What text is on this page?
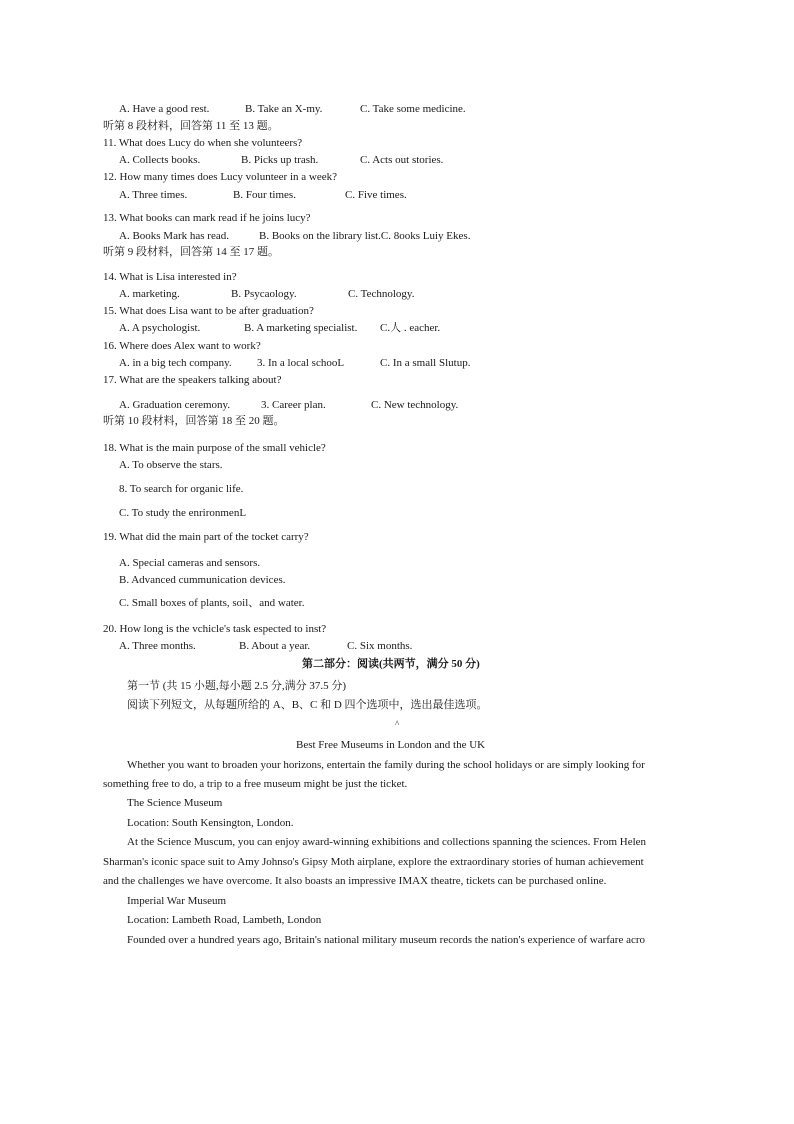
A. Have a good rest.	B. Take an X-my.	C. Take some medicine.
听第 8 段材料，回答第 11 至 13 题。
11. What does Lucy do when she volunteers?
A. Collects books.	B. Picks up trash.	C. Acts out stories.
12. How many times does Lucy volunteer in a week?
A. Three times.	B. Four times.	C. Five times.
13. What books can mark read if he joins lucy?
A. Books Mark has read.	B. Books on the library list.C. 8ooks Luiy Ekes.
听第 9 段材料，回答第 14 至 17 题。
14. What is Lisa interested in?
A. marketing.	B. Psycaology.	C. Technology.
15. What does Lisa want to be after graduation?
A. A psychologist.	B. A marketing specialist. C.人 . eacher.
16. Where does Alex want to work?
A. in a big tech company. 3. In a local schooL	C. In a small Slutup.
17. What are the speakers talking about?
A. Graduation ceremony.	3. Career plan.	C. New technology.
听第 10 段材料，回答第 18 至 20 题。
18. What is the main purpose of the small vehicle?
A. To observe the stars.
8. To search for organic life.
C. To study the enrironmenL
19. What did the main part of the tocket carry?
A. Special cameras and sensors.
B. Advanced cummunication devices.
C. Small boxes of plants, soil、and water.
20. How long is the vchicle's task espected to inst?
A. Three months.	B. About a year.	C. Six months.
第二部分：阅读(共两节，满分 50 分)
第一节 (共 15 小题,每小题 2.5 分,满分 37.5 分)
阅读下列短文，从每题所给的 A、B、C 和 D 四个选项中，选出最佳选项。
^
Best Free Museums in London and the UK
Whether you want to broaden your horizons, entertain the family during the school holidays or are simply looking for
something free to do, a trip to a free museum might be just the ticket.
The Science Museum
Location: South Kensington, London.
At the Science Muscum, you can enjoy award-winning exhibitions and collections spanning the sciences. From Helen
Sharman's iconic space suit to Amy Johnso's Gipsy Moth airplane, explore the extraordinary stories of human achievement
and the challenges we have overcome. It also boasts an impressive IMAX theatre, tickets can be purchased online.
Imperial War Museum
Location: Lambeth Road, Lambeth, London
Founded over a hundred years ago, Britain's national military museum records the nation's experience of warfare acro
